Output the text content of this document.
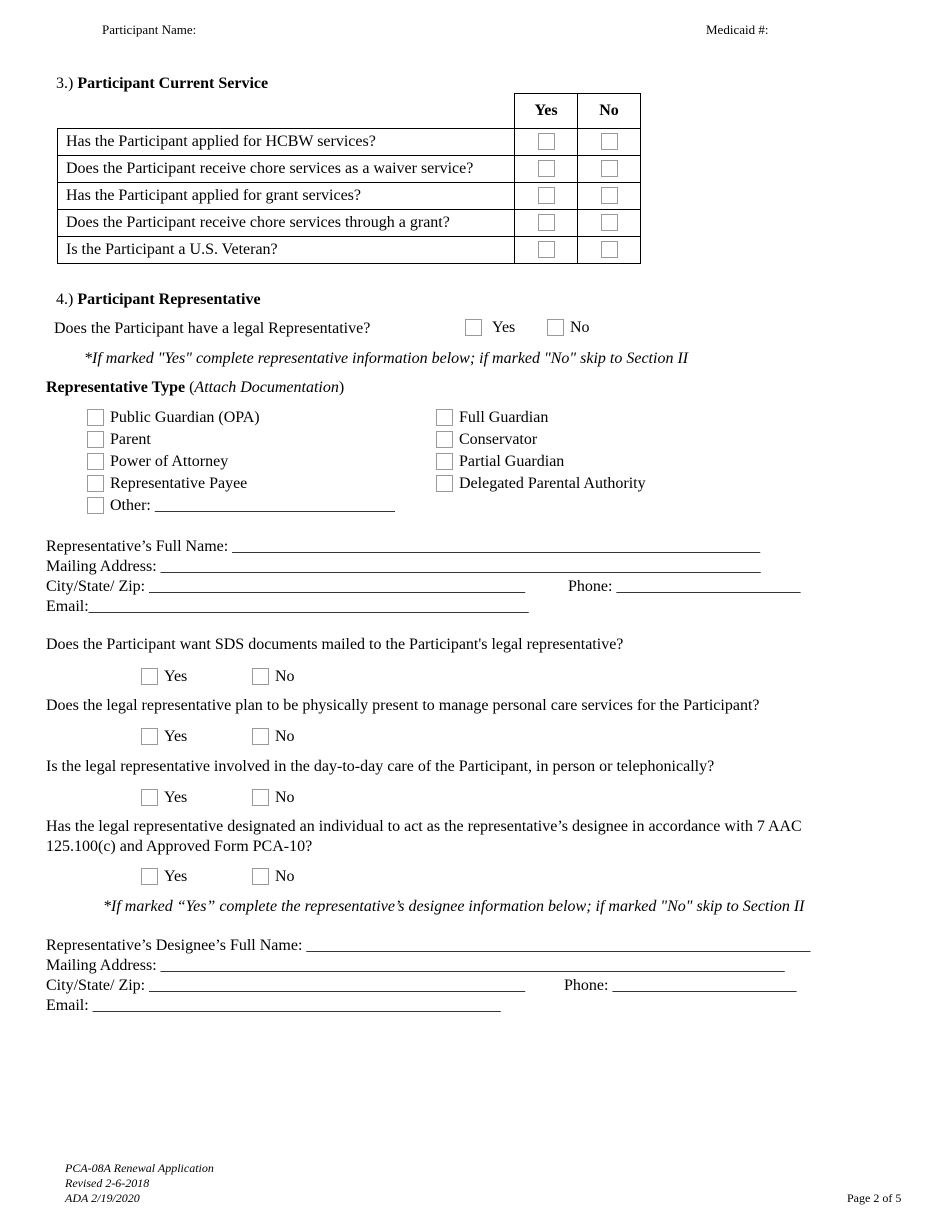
Participant Name:	Medicaid #:
3.) Participant Current Service
	Yes	No
Has the Participant applied for HCBW services?		
Does the Participant receive chore services as a waiver service?		
Has the Participant applied for grant services?		
Does the Participant receive chore services through a grant?		
Is the Participant a U.S. Veteran?		
4.) Participant Representative
Does the Participant have a legal Representative?	Yes	No
*If marked "Yes" complete representative information below; if marked "No" skip to Section II
Representative Type (Attach Documentation)
Public Guardian (OPA)
Parent
Power of Attorney
Representative Payee
Other: ______________________________
Full Guardian
Conservator
Partial Guardian
Delegated Parental Authority
Representative’s Full Name: __________________________________________________________________
Mailing Address: ___________________________________________________________________________
City/State/ Zip: _______________________________________________	Phone: _______________________
Email:_______________________________________________________
Does the Participant want SDS documents mailed to the Participant's legal representative?
Yes	No
Does the legal representative plan to be physically present to manage personal care services for the Participant?
Yes	No
Is the legal representative involved in the day-to-day care of the Participant, in person or telephonically?
Yes	No
Has the legal representative designated an individual to act as the representative’s designee in accordance with 7 AAC
125.100(c) and Approved Form PCA-10?
Yes	No
*If marked “Yes” complete the representative’s designee information below; if marked "No" skip to Section II
Representative’s Designee’s Full Name: _______________________________________________________________
Mailing Address: ______________________________________________________________________________
City/State/ Zip: _______________________________________________ Phone: _______________________
Email: ___________________________________________________
PCA-08A Renewal Application
Revised 2-6-2018
ADA 2/19/2020	Page 2 of 5
